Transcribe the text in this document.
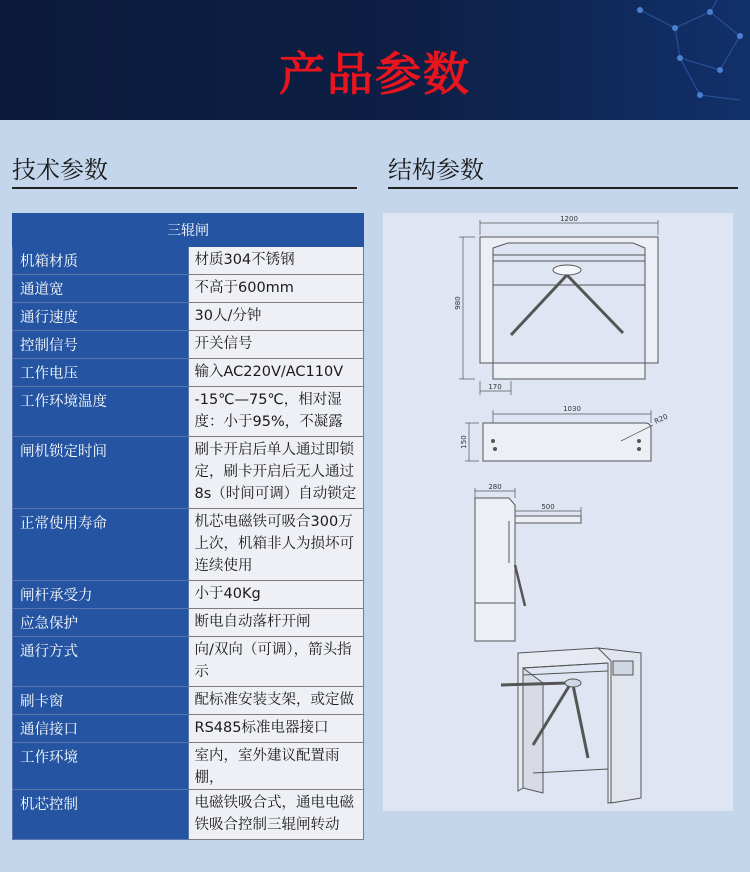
产品参数
技术参数	结构参数
三辊闸	
机箱材质	材质304不锈钢
通道宽	不高于600mm
通行速度	30人/分钟
控制信号	开关信号
工作电压	输入AC220V/AC110V
工作环境温度	-15℃—75℃，相对湿度：小于95%，不凝露
闸机锁定时间	刷卡开启后单人通过即锁定，刷卡开启后无人通过8s（时间可调）自动锁定
正常使用寿命	机芯电磁铁可吸合300万上次，机箱非人为损坏可连续使用
闸杆承受力	小于40Kg
应急保护	断电自动落杆开闸
通行方式	向/双向（可调），箭头指示
刷卡窗	配标准安装支架，或定做
通信接口	RS485标准电器接口
工作环境	室内，室外建议配置雨棚，
机芯控制	电磁铁吸合式，通电电磁铁吸合控制三辊闸转动
1200
980
170
1030
150
R20
280
500
